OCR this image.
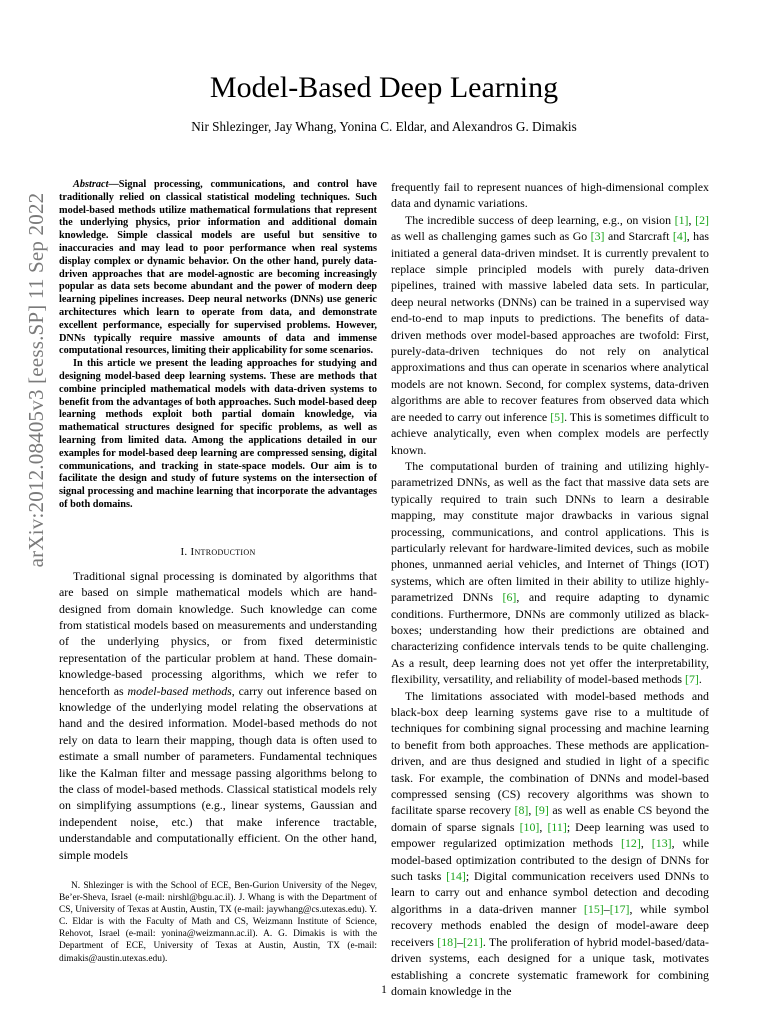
Model-Based Deep Learning
Nir Shlezinger, Jay Whang, Yonina C. Eldar, and Alexandros G. Dimakis
arXiv:2012.08405v3 [eess.SP] 11 Sep 2022

Abstract—Signal processing, communications, and control have traditionally relied on classical statistical modeling techniques. Such model-based methods utilize mathematical formulations that represent the underlying physics, prior information and additional domain knowledge. Simple classical models are useful but sensitive to inaccuracies and may lead to poor performance when real systems display complex or dynamic behavior. On the other hand, purely data-driven approaches that are model-agnostic are becoming increasingly popular as data sets become abundant and the power of modern deep learning pipelines increases. Deep neural networks (DNNs) use generic architectures which learn to operate from data, and demonstrate excellent performance, especially for supervised problems. However, DNNs typically require massive amounts of data and immense computational resources, limiting their applicability for some scenarios.

In this article we present the leading approaches for studying and designing model-based deep learning systems. These are methods that combine principled mathematical models with data-driven systems to benefit from the advantages of both approaches. Such model-based deep learning methods exploit both partial domain knowledge, via mathematical structures designed for specific problems, as well as learning from limited data. Among the applications detailed in our examples for model-based deep learning are compressed sensing, digital communications, and tracking in state-space models. Our aim is to facilitate the design and study of future systems on the intersection of signal processing and machine learning that incorporate the advantages of both domains.

I. Introduction

Traditional signal processing is dominated by algorithms that are based on simple mathematical models which are hand-designed from domain knowledge. Such knowledge can come from statistical models based on measurements and understanding of the underlying physics, or from fixed deterministic representation of the particular problem at hand. These domain-knowledge-based processing algorithms, which we refer to henceforth as model-based methods, carry out inference based on knowledge of the underlying model relating the observations at hand and the desired information. Model-based methods do not rely on data to learn their mapping, though data is often used to estimate a small number of parameters. Fundamental techniques like the Kalman filter and message passing algorithms belong to the class of model-based methods. Classical statistical models rely on simplifying assumptions (e.g., linear systems, Gaussian and independent noise, etc.) that make inference tractable, understandable and computationally efficient. On the other hand, simple models

N. Shlezinger is with the School of ECE, Ben-Gurion University of the Negev, Be’er-Sheva, Israel (e-mail: nirshl@bgu.ac.il). J. Whang is with the Department of CS, University of Texas at Austin, Austin, TX (e-mail: jaywhang@cs.utexas.edu). Y. C. Eldar is with the Faculty of Math and CS, Weizmann Institute of Science, Rehovot, Israel (e-mail: yonina@weizmann.ac.il). A. G. Dimakis is with the Department of ECE, University of Texas at Austin, Austin, TX (e-mail: dimakis@austin.utexas.edu).

frequently fail to represent nuances of high-dimensional complex data and dynamic variations.

The incredible success of deep learning, e.g., on vision [1], [2] as well as challenging games such as Go [3] and Starcraft [4], has initiated a general data-driven mindset. It is currently prevalent to replace simple principled models with purely data-driven pipelines, trained with massive labeled data sets. In particular, deep neural networks (DNNs) can be trained in a supervised way end-to-end to map inputs to predictions. The benefits of data-driven methods over model-based approaches are twofold: First, purely-data-driven techniques do not rely on analytical approximations and thus can operate in scenarios where analytical models are not known. Second, for complex systems, data-driven algorithms are able to recover features from observed data which are needed to carry out inference [5]. This is sometimes difficult to achieve analytically, even when complex models are perfectly known.

The computational burden of training and utilizing highly-parametrized DNNs, as well as the fact that massive data sets are typically required to train such DNNs to learn a desirable mapping, may constitute major drawbacks in various signal processing, communications, and control applications. This is particularly relevant for hardware-limited devices, such as mobile phones, unmanned aerial vehicles, and Internet of Things (IOT) systems, which are often limited in their ability to utilize highly-parametrized DNNs [6], and require adapting to dynamic conditions. Furthermore, DNNs are commonly utilized as black-boxes; understanding how their predictions are obtained and characterizing confidence intervals tends to be quite challenging. As a result, deep learning does not yet offer the interpretability, flexibility, versatility, and reliability of model-based methods [7].

The limitations associated with model-based methods and black-box deep learning systems gave rise to a multitude of techniques for combining signal processing and machine learning to benefit from both approaches. These methods are application-driven, and are thus designed and studied in light of a specific task. For example, the combination of DNNs and model-based compressed sensing (CS) recovery algorithms was shown to facilitate sparse recovery [8], [9] as well as enable CS beyond the domain of sparse signals [10], [11]; Deep learning was used to empower regularized optimization methods [12], [13], while model-based optimization contributed to the design of DNNs for such tasks [14]; Digital communication receivers used DNNs to learn to carry out and enhance symbol detection and decoding algorithms in a data-driven manner [15]–[17], while symbol recovery methods enabled the design of model-aware deep receivers [18]–[21]. The proliferation of hybrid model-based/data-driven systems, each designed for a unique task, motivates establishing a concrete systematic framework for combining domain knowledge in the

1
